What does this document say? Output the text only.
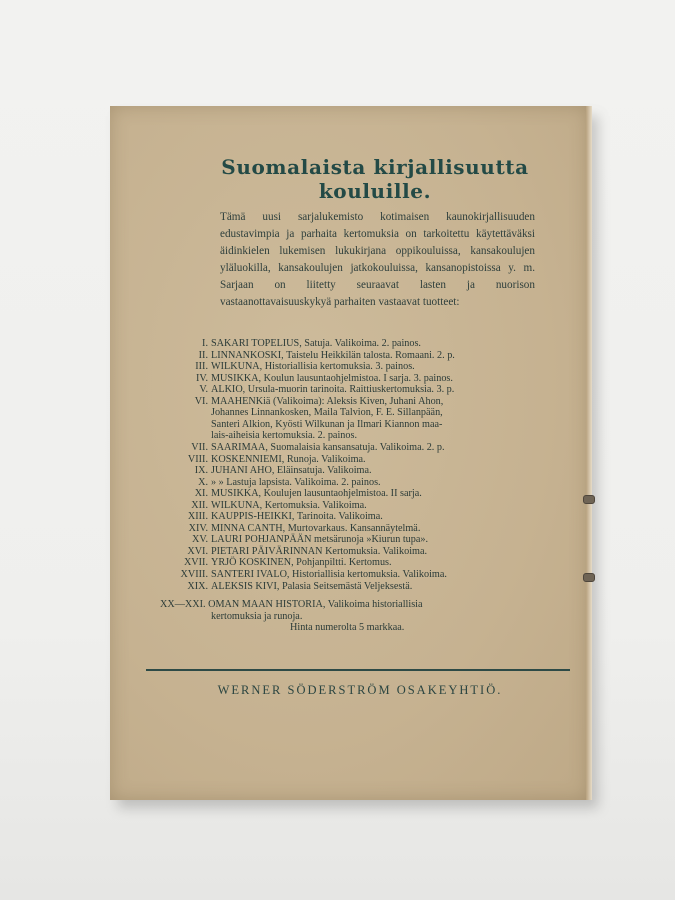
Suomalaista kirjallisuutta
kouluille.

Tämä uusi sarjalukemisto kotimaisen kaunokirjallisuuden edustavimpia ja parhaita kertomuksia on tarkoitettu käytettäväksi äidinkielen lukemisen lukukirjana oppikouluissa, kansakoulujen yläluokilla, kansakoulujen jatkokouluissa, kansanopistoissa y. m. Sarjaan on liitetty seuraavat lasten ja nuorison vastaanottavaisuuskykyä parhaiten vastaavat tuotteet:

I. SAKARI TOPELIUS, Satuja. Valikoima. 2. painos.
II. LINNANKOSKI, Taistelu Heikkilän talosta. Romaani. 2. p.
III. WILKUNA, Historiallisia kertomuksia. 3. painos.
IV. MUSIKKA, Koulun lausuntaohjelmistoa. I sarja. 3. painos.
V. ALKIO, Ursula-muorin tarinoita. Raittiuskertomuksia. 3. p.
VI. MAAHENKiä (Valikoima): Aleksis Kiven, Juhani Ahon,
Johannes Linnankosken, Maila Talvion, F. E. Sillanpään,
Santeri Alkion, Kyösti Wilkunan ja Ilmari Kiannon maa-
lais-aiheisia kertomuksia. 2. painos.
VII. SAARIMAA, Suomalaisia kansansatuja. Valikoima. 2. p.
VIII. KOSKENNIEMI, Runoja. Valikoima.
IX. JUHANI AHO, Eläinsatuja. Valikoima.
X. » » Lastuja lapsista. Valikoima. 2. painos.
XI. MUSIKKA, Koulujen lausuntaohjelmistoa. II sarja.
XII. WILKUNA, Kertomuksia. Valikoima.
XIII. KAUPPIS-HEIKKI, Tarinoita. Valikoima.
XIV. MINNA CANTH, Murtovarkaus. Kansannäytelmä.
XV. LAURI POHJANPÄÄN metsärunoja »Kiurun tupa».
XVI. PIETARI PÄIVÄRINNAN Kertomuksia. Valikoima.
XVII. YRJÖ KOSKINEN, Pohjanpiltti. Kertomus.
XVIII. SANTERI IVALO, Historiallisia kertomuksia. Valikoima.
XIX. ALEKSIS KIVI, Palasia Seitsemästä Veljeksestä.
XX—XXI. OMAN MAAN HISTORIA, Valikoima historiallisia
kertomuksia ja runoja.
Hinta numerolta 5 markkaa.
WERNER SÖDERSTRÖM OSAKEYHTIÖ.
